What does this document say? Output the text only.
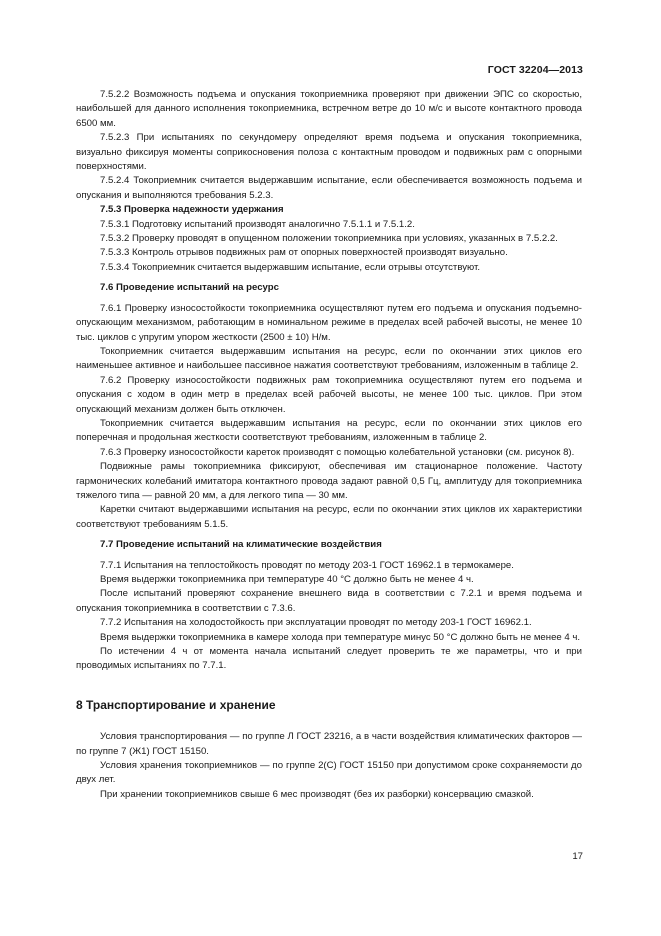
ГОСТ 32204—2013

7.5.2.2 Возможность подъема и опускания токоприемника проверяют при движении ЭПС со скоростью, наибольшей для данного исполнения токоприемника, встречном ветре до 10 м/с и высоте контактного провода 6500 мм.

7.5.2.3 При испытаниях по секундомеру определяют время подъема и опускания токоприемника, визуально фиксируя моменты соприкосновения полоза с контактным проводом и подвижных рам с опорными поверхностями.

7.5.2.4 Токоприемник считается выдержавшим испытание, если обеспечивается возможность подъема и опускания и выполняются требования 5.2.3.

7.5.3 Проверка надежности удержания

7.5.3.1 Подготовку испытаний производят аналогично 7.5.1.1 и 7.5.1.2.

7.5.3.2 Проверку проводят в опущенном положении токоприемника при условиях, указанных в 7.5.2.2.

7.5.3.3 Контроль отрывов подвижных рам от опорных поверхностей производят визуально.

7.5.3.4 Токоприемник считается выдержавшим испытание, если отрывы отсутствуют.

7.6 Проведение испытаний на ресурс

7.6.1 Проверку износостойкости токоприемника осуществляют путем его подъема и опускания подъемно-опускающим механизмом, работающим в номинальном режиме в пределах всей рабочей высоты, не менее 10 тыс. циклов с упругим упором жесткости (2500 ± 10) Н/м.

Токоприемник считается выдержавшим испытания на ресурс, если по окончании этих циклов его наименьшее активное и наибольшее пассивное нажатия соответствуют требованиям, изложенным в таблице 2.

7.6.2 Проверку износостойкости подвижных рам токоприемника осуществляют путем его подъема и опускания с ходом в один метр в пределах всей рабочей высоты, не менее 100 тыс. циклов. При этом опускающий механизм должен быть отключен.

Токоприемник считается выдержавшим испытания на ресурс, если по окончании этих циклов его поперечная и продольная жесткости соответствуют требованиям, изложенным в таблице 2.

7.6.3 Проверку износостойкости кареток производят с помощью колебательной установки (см. рисунок 8).

Подвижные рамы токоприемника фиксируют, обеспечивая им стационарное положение. Частоту гармонических колебаний имитатора контактного провода задают равной 0,5 Гц, амплитуду для токоприемника тяжелого типа — равной 20 мм, а для легкого типа — 30 мм.

Каретки считают выдержавшими испытания на ресурс, если по окончании этих циклов их характеристики соответствуют требованиям 5.1.5.

7.7 Проведение испытаний на климатические воздействия

7.7.1 Испытания на теплостойкость проводят по методу 203-1 ГОСТ 16962.1 в термокамере.

Время выдержки токоприемника при температуре 40 °С должно быть не менее 4 ч.

После испытаний проверяют сохранение внешнего вида в соответствии с 7.2.1 и время подъема и опускания токоприемника в соответствии с 7.3.6.

7.7.2 Испытания на холодостойкость при эксплуатации проводят по методу 203-1 ГОСТ 16962.1.

Время выдержки токоприемника в камере холода при температуре минус 50 °С должно быть не менее 4 ч.

По истечении 4 ч от момента начала испытаний следует проверить те же параметры, что и при проводимых испытаниях по 7.7.1.

8 Транспортирование и хранение

Условия транспортирования — по группе Л ГОСТ 23216, а в части воздействия климатических факторов — по группе 7 (Ж1) ГОСТ 15150.

Условия хранения токоприемников — по группе 2(С) ГОСТ 15150 при допустимом сроке сохраняемости до двух лет.

При хранении токоприемников свыше 6 мес производят (без их разборки) консервацию смазкой.

17
